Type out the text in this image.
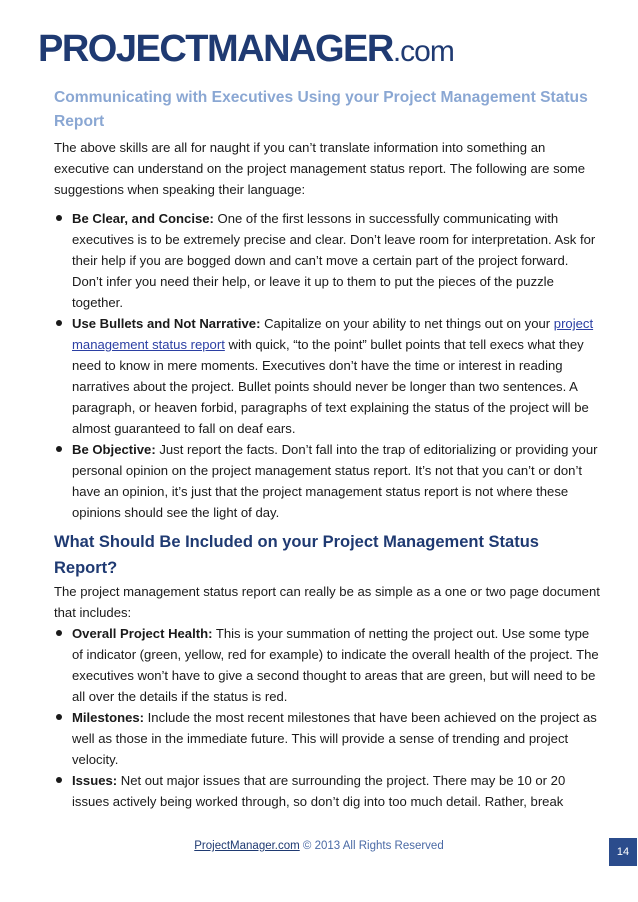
PROJECTMANAGER.com
Communicating with Executives Using your Project Management Status Report

The above skills are all for naught if you can’t translate information into something an executive can understand on the project management status report. The following are some suggestions when speaking their language:

Be Clear, and Concise: One of the first lessons in successfully communicating with executives is to be extremely precise and clear. Don’t leave room for interpretation. Ask for their help if you are bogged down and can’t move a certain part of the project forward. Don’t infer you need their help, or leave it up to them to put the pieces of the puzzle together.
Use Bullets and Not Narrative: Capitalize on your ability to net things out on your project management status report with quick, “to the point” bullet points that tell execs what they need to know in mere moments. Executives don’t have the time or interest in reading narratives about the project. Bullet points should never be longer than two sentences. A paragraph, or heaven forbid, paragraphs of text explaining the status of the project will be almost guaranteed to fall on deaf ears.
Be Objective: Just report the facts. Don’t fall into the trap of editorializing or providing your personal opinion on the project management status report. It’s not that you can’t or don’t have an opinion, it’s just that the project management status report is not where these opinions should see the light of day.
What Should Be Included on your Project Management Status Report?

The project management status report can really be as simple as a one or two page document that includes:

Overall Project Health: This is your summation of netting the project out. Use some type of indicator (green, yellow, red for example) to indicate the overall health of the project. The executives won’t have to give a second thought to areas that are green, but will need to be all over the details if the status is red.
Milestones: Include the most recent milestones that have been achieved on the project as well as those in the immediate future. This will provide a sense of trending and project velocity.
Issues: Net out major issues that are surrounding the project. There may be 10 or 20 issues actively being worked through, so don’t dig into too much detail. Rather, break
ProjectManager.com © 2013 All Rights Reserved	14
